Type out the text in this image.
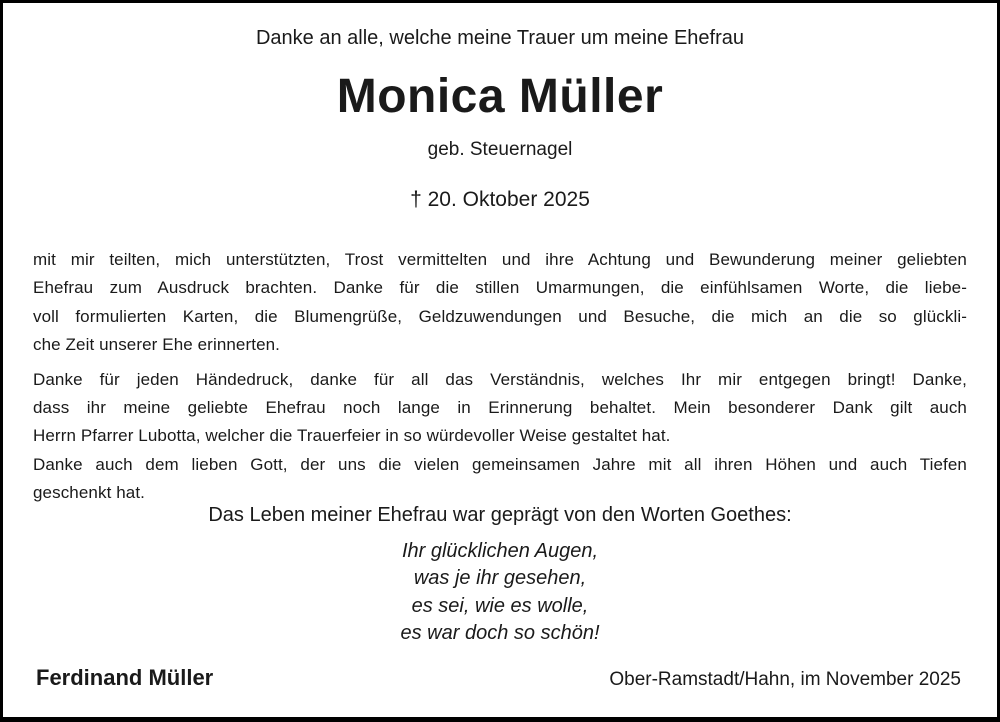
Danke an alle, welche meine Trauer um meine Ehefrau
Monica Müller
geb. Steuernagel
† 20. Oktober 2025
mit mir teilten, mich unterstützten, Trost vermittelten und ihre Achtung und Bewunderung meiner geliebten
Ehefrau zum Ausdruck brachten. Danke für die stillen Umarmungen, die einfühlsamen Worte, die liebe-
voll formulierten Karten, die Blumengrüße, Geldzuwendungen und Besuche, die mich an die so glückli-
che Zeit unserer Ehe erinnerten.
Danke für jeden Händedruck, danke für all das Verständnis, welches Ihr mir entgegen bringt! Danke,
dass ihr meine geliebte Ehefrau noch lange in Erinnerung behaltet. Mein besonderer Dank gilt auch
Herrn Pfarrer Lubotta, welcher die Trauerfeier in so würdevoller Weise gestaltet hat.
Danke auch dem lieben Gott, der uns die vielen gemeinsamen Jahre mit all ihren Höhen und auch Tiefen
geschenkt hat.
Das Leben meiner Ehefrau war geprägt von den Worten Goethes:
Ihr glücklichen Augen,
was je ihr gesehen,
es sei, wie es wolle,
es war doch so schön!
Ferdinand Müller	Ober-Ramstadt/Hahn, im November 2025
